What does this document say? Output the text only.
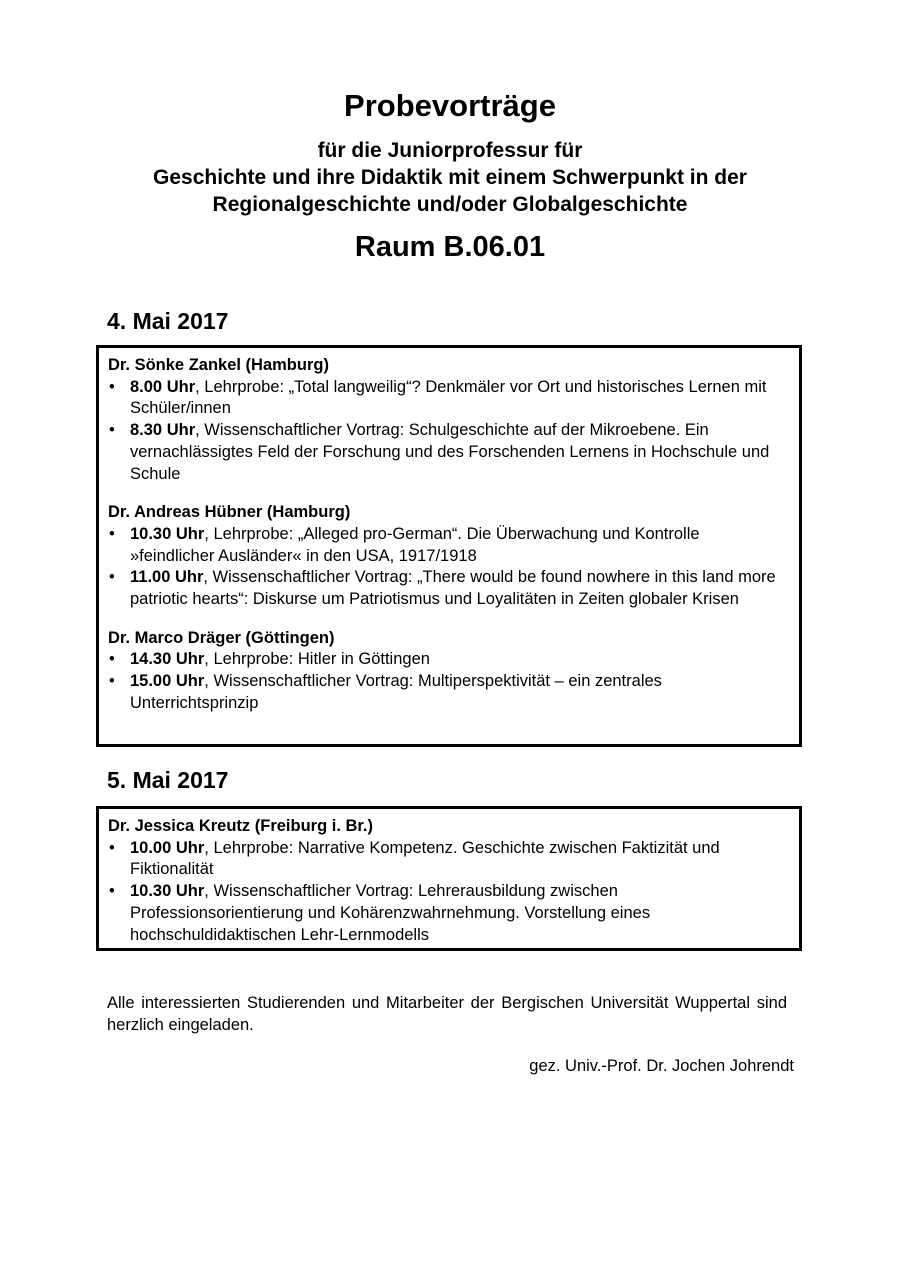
Probevorträge
für die Juniorprofessur für
Geschichte und ihre Didaktik mit einem Schwerpunkt in der
Regionalgeschichte und/oder Globalgeschichte
Raum B.06.01
4. Mai 2017
Dr. Sönke Zankel (Hamburg)
• 8.00 Uhr, Lehrprobe: „Total langweilig“? Denkmäler vor Ort und historisches Lernen mit Schüler/innen
• 8.30 Uhr, Wissenschaftlicher Vortrag: Schulgeschichte auf der Mikroebene. Ein vernachlässigtes Feld der Forschung und des Forschenden Lernens in Hochschule und Schule
Dr. Andreas Hübner (Hamburg)
• 10.30 Uhr, Lehrprobe: „Alleged pro-German“. Die Überwachung und Kontrolle »feindlicher Ausländer« in den USA, 1917/1918
• 11.00 Uhr, Wissenschaftlicher Vortrag: „There would be found nowhere in this land more patriotic hearts“: Diskurse um Patriotismus und Loyalitäten in Zeiten globaler Krisen
Dr. Marco Dräger (Göttingen)
• 14.30 Uhr, Lehrprobe: Hitler in Göttingen
• 15.00 Uhr, Wissenschaftlicher Vortrag: Multiperspektivität – ein zentrales Unterrichtsprinzip
5. Mai 2017
Dr. Jessica Kreutz (Freiburg i. Br.)
• 10.00 Uhr, Lehrprobe: Narrative Kompetenz. Geschichte zwischen Faktizität und Fiktionalität
• 10.30 Uhr, Wissenschaftlicher Vortrag: Lehrerausbildung zwischen Professionsorientierung und Kohärenzwahrnehmung. Vorstellung eines hochschuldidaktischen Lehr-Lernmodells
Alle interessierten Studierenden und Mitarbeiter der Bergischen Universität Wuppertal sind herzlich eingeladen.
gez. Univ.-Prof. Dr. Jochen Johrendt
